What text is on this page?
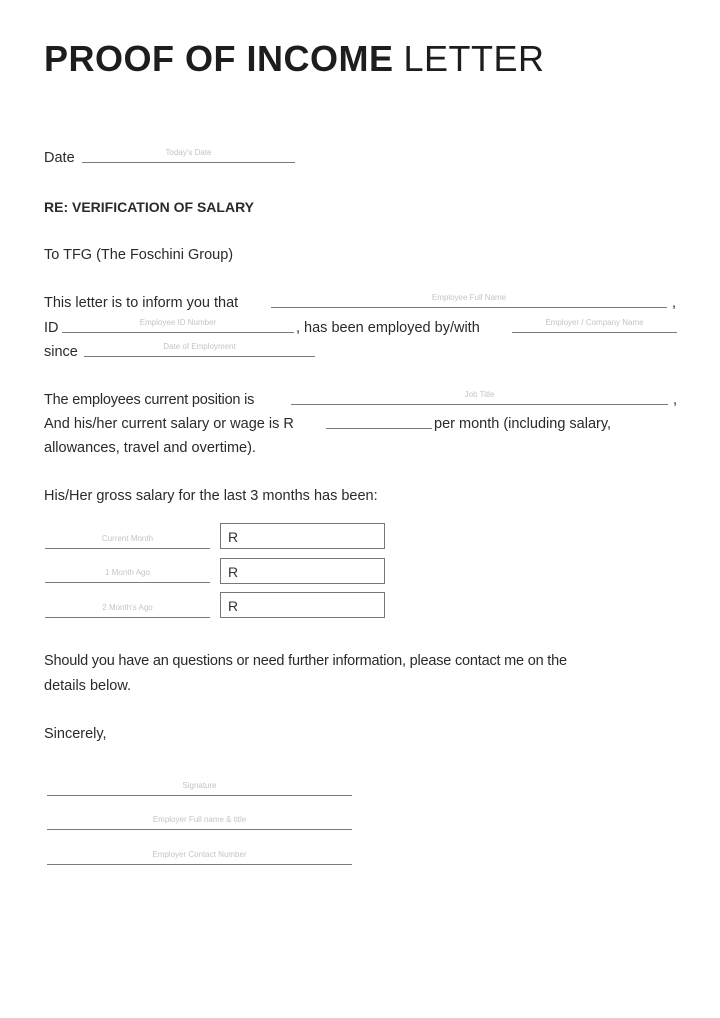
PROOF OF INCOME LETTER
Date	Today's Date
RE: VERIFICATION OF SALARY
To TFG (The Foschini Group)
This letter is to inform you that	Employee Full Name	,
ID	Employee ID Number	, has been employed by/with	Employer / Company Name
since	Date of Employment
The employees current position is	Job Title	,
And his/her current salary or wage is R	per month (including salary,
allowances, travel and overtime).
His/Her gross salary for the last 3 months has been:
Current Month	R
1 Month Ago	R
2 Month's Ago	R
Should you have an questions or need further information, please contact me on the
details below.
Sincerely,
Signature
Employer Full name & title
Employer Contact Number
